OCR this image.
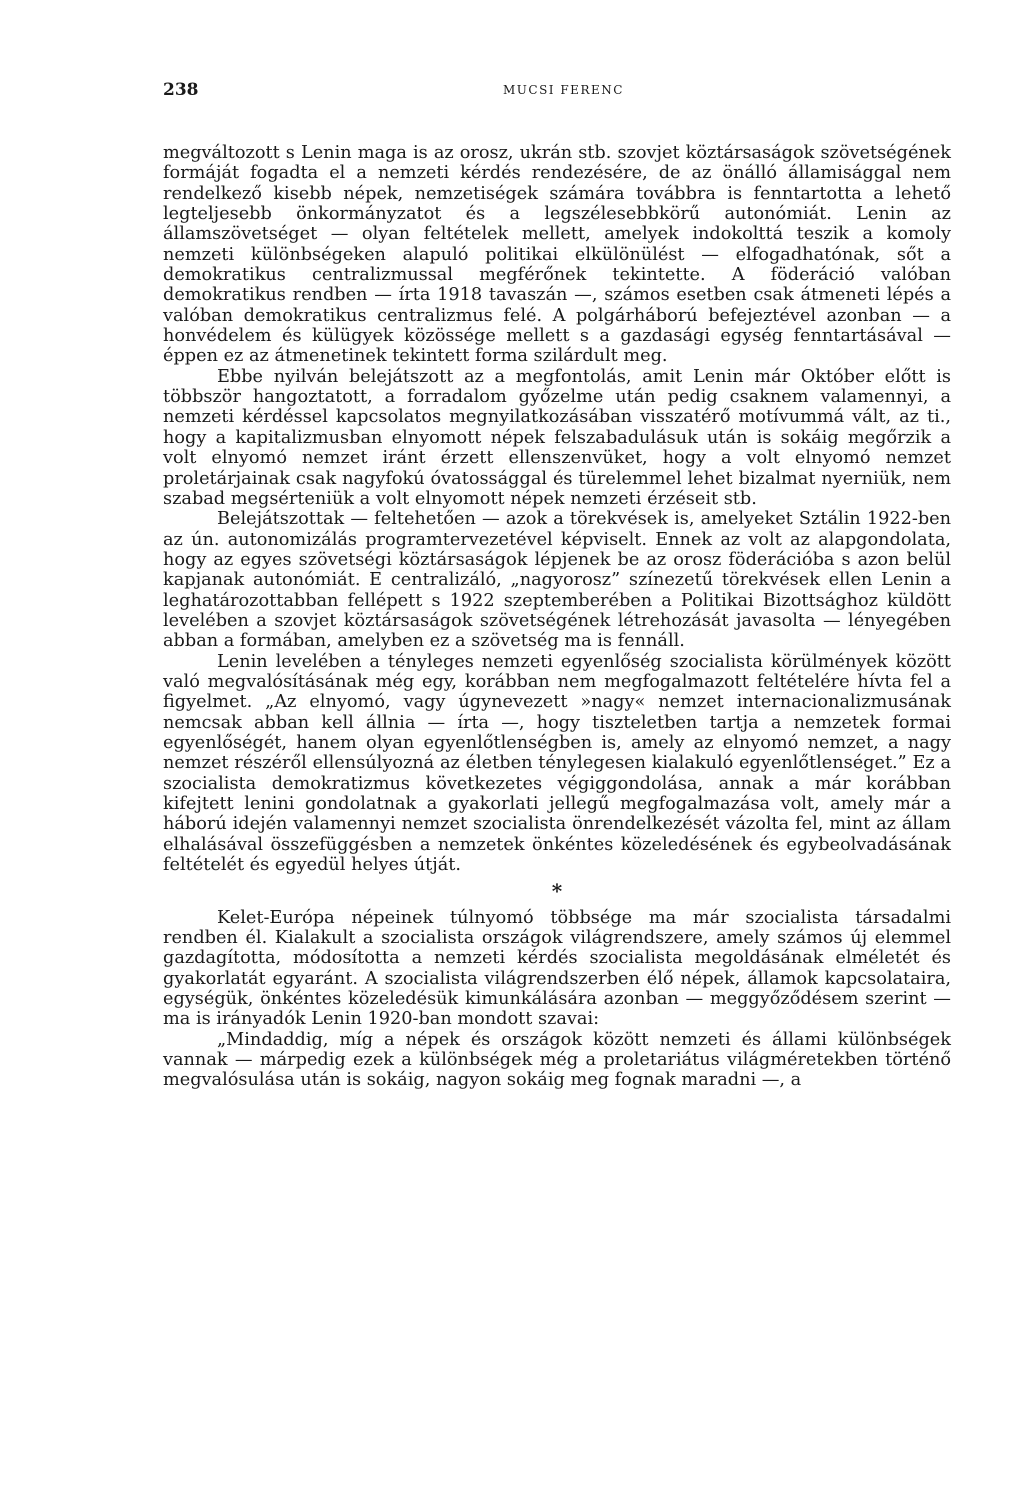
238	MUCSI FERENC

megváltozott s Lenin maga is az orosz, ukrán stb. szovjet köztársaságok szövetségének formáját fogadta el a nemzeti kérdés rendezésére, de az önálló államisággal nem rendelkező kisebb népek, nemzetiségek számára továbbra is fenntartotta a lehető legteljesebb önkormányzatot és a legszélesebbkörű autonómiát. Lenin az államszövetséget — olyan feltételek mellett, amelyek indokolttá teszik a komoly nemzeti különbségeken alapuló politikai elkülönülést — elfogadhatónak, sőt a demokratikus centralizmussal megférőnek tekintette. A föderáció valóban demokratikus rendben — írta 1918 tavaszán —, számos esetben csak átmeneti lépés a valóban demokratikus centralizmus felé. A polgárháború befejeztével azonban — a honvédelem és külügyek közössége mellett s a gazdasági egység fenntartásával — éppen ez az átmenetinek tekintett forma szilárdult meg.

Ebbe nyilván belejátszott az a megfontolás, amit Lenin már Október előtt is többször hangoztatott, a forradalom győzelme után pedig csaknem valamennyi, a nemzeti kérdéssel kapcsolatos megnyilatkozásában visszatérő motívummá vált, az ti., hogy a kapitalizmusban elnyomott népek felszabadulásuk után is sokáig megőrzik a volt elnyomó nemzet iránt érzett ellenszenvüket, hogy a volt elnyomó nemzet proletárjainak csak nagyfokú óvatossággal és türelemmel lehet bizalmat nyerniük, nem szabad megsérteniük a volt elnyomott népek nemzeti érzéseit stb.

Belejátszottak — feltehetően — azok a törekvések is, amelyeket Sztálin 1922-ben az ún. autonomizálás programtervezetével képviselt. Ennek az volt az alapgondolata, hogy az egyes szövetségi köztársaságok lépjenek be az orosz föderációba s azon belül kapjanak autonómiát. E centralizáló, „nagyorosz” színezetű törekvések ellen Lenin a leghatározottabban fellépett s 1922 szeptemberében a Politikai Bizottsághoz küldött levelében a szovjet köztársaságok szövetségének létrehozását javasolta — lényegében abban a formában, amelyben ez a szövetség ma is fennáll.

Lenin levelében a tényleges nemzeti egyenlőség szocialista körülmények között való megvalósításának még egy, korábban nem megfogalmazott feltételére hívta fel a figyelmet. „Az elnyomó, vagy úgynevezett »nagy« nemzet internacionalizmusának nemcsak abban kell állnia — írta —, hogy tiszteletben tartja a nemzetek formai egyenlőségét, hanem olyan egyenlőtlenségben is, amely az elnyomó nemzet, a nagy nemzet részéről ellensúlyozná az életben ténylegesen kialakuló egyenlőtlenséget.” Ez a szocialista demokratizmus következetes végiggondolása, annak a már korábban kifejtett lenini gondolatnak a gyakorlati jellegű megfogalmazása volt, amely már a háború idején valamennyi nemzet szocialista önrendelkezését vázolta fel, mint az állam elhalásával összefüggésben a nemzetek önkéntes közeledésének és egybeolvadásának feltételét és egyedül helyes útját.

*

Kelet-Európa népeinek túlnyomó többsége ma már szocialista társadalmi rendben él. Kialakult a szocialista országok világrendszere, amely számos új elemmel gazdagította, módosította a nemzeti kérdés szocialista megoldásának elméletét és gyakorlatát egyaránt. A szocialista világrendszerben élő népek, államok kapcsolataira, egységük, önkéntes közeledésük kimunkálására azonban — meggyőződésem szerint — ma is irányadók Lenin 1920-ban mondott szavai:

„Mindaddig, míg a népek és országok között nemzeti és állami különbségek vannak — márpedig ezek a különbségek még a proletariátus világméretekben történő megvalósulása után is sokáig, nagyon sokáig meg fognak maradni —, a
